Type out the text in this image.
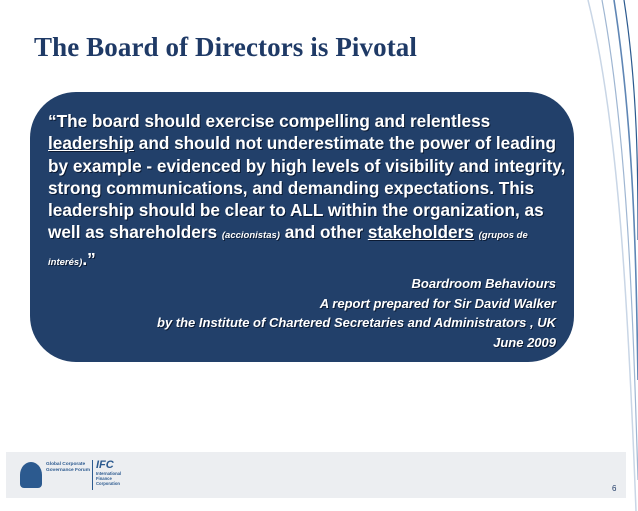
The Board of Directors is Pivotal
“The board should exercise compelling and relentless leadership and should not underestimate the power of leading by example - evidenced by high levels of visibility and integrity, strong communications, and demanding expectations. This leadership should be clear to ALL within the organization, as well as shareholders (accionistas) and other stakeholders (grupos de interés).”
Boardroom Behaviours
A report prepared for Sir David Walker
by the Institute of Chartered Secretaries and Administrators , UK
June 2009
Global Corporate Governance Forum IFC
International Finance Corporation
6
